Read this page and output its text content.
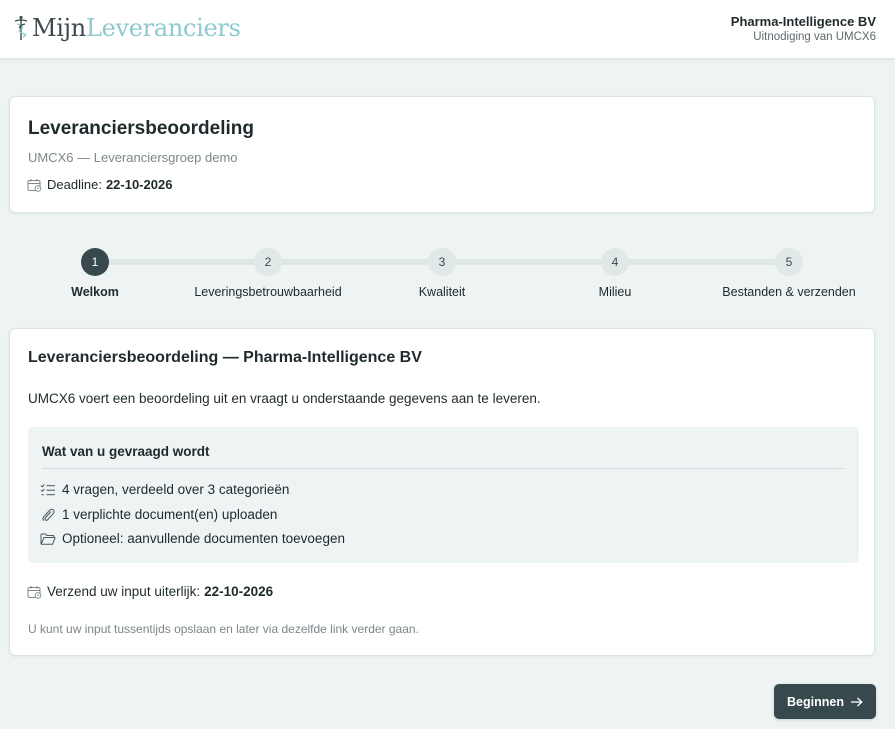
MijnLeveranciers	Pharma-Intelligence BV
Uitnodiging van UMCX6
Leveranciersbeoordeling
UMCX6 — Leveranciersgroep demo
Deadline: 22-10-2026
1
Welkom
2
Leveringsbetrouwbaarheid
3
Kwaliteit
4
Milieu
5
Bestanden & verzenden
Leveranciersbeoordeling — Pharma-Intelligence BV
UMCX6 voert een beoordeling uit en vraagt u onderstaande gegevens aan te leveren.
Wat van u gevraagd wordt
4 vragen, verdeeld over 3 categorieën
1 verplichte document(en) uploaden
Optioneel: aanvullende documenten toevoegen
Verzend uw input uiterlijk: 22-10-2026
U kunt uw input tussentijds opslaan en later via dezelfde link verder gaan.
Beginnen
